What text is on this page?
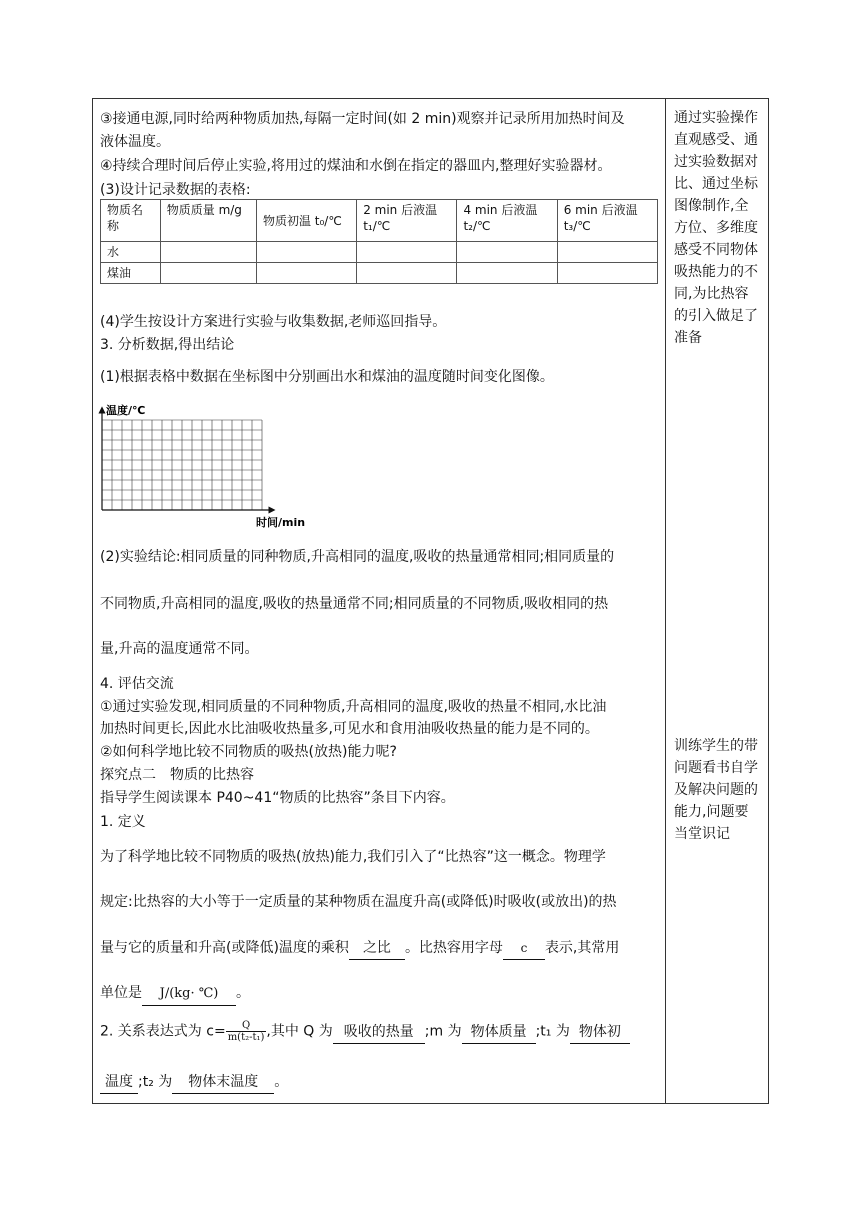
③接通电源,同时给两种物质加热,每隔一定时间(如 2 min)观察并记录所用加热时间及
液体温度。
④持续合理时间后停止实验,将用过的煤油和水倒在指定的器皿内,整理好实验器材。
(3)设计记录数据的表格:
物质名称	物质质量 m/g	物质初温 t₀/℃	2 min 后液温 t₁/℃	4 min 后液温 t₂/℃	6 min 后液温 t₃/℃
水					
煤油					
(4)学生按设计方案进行实验与收集数据,老师巡回指导。
3. 分析数据,得出结论
(1)根据表格中数据在坐标图中分别画出水和煤油的温度随时间变化图像。
温度/℃
时间/min
(2)实验结论:相同质量的同种物质,升高相同的温度,吸收的热量通常相同;相同质量的
不同物质,升高相同的温度,吸收的热量通常不同;相同质量的不同物质,吸收相同的热
量,升高的温度通常不同。
4. 评估交流
①通过实验发现,相同质量的不同种物质,升高相同的温度,吸收的热量不相同,水比油
加热时间更长,因此水比油吸收热量多,可见水和食用油吸收热量的能力是不同的。
②如何科学地比较不同物质的吸热(放热)能力呢?
探究点二　物质的比热容
指导学生阅读课本 P40~41“物质的比热容”条目下内容。
1. 定义
为了科学地比较不同物质的吸热(放热)能力,我们引入了“比热容”这一概念。物理学
规定:比热容的大小等于一定质量的某种物质在温度升高(或降低)时吸收(或放出)的热
量与它的质量和升高(或降低)温度的乘积 之比 。比热容用字母 c 表示,其常用
单位是 J/(kg· ℃) 。
2. 关系表达式为 $c= \frac{Q}{\text{m(t₂-t₁)}}$ ,其中 Q 为 吸收的热量 ;m 为 物体质量 ;t₁ 为 物体初
温度 ;t₂ 为 物体末温度 。
通过实验操作直观感受、通过实验数据对比、通过坐标图像制作,全方位、多维度感受不同物体吸热能力的不同,为比热容的引入做足了准备
训练学生的带问题看书自学及解决问题的能力,问题要当堂识记
